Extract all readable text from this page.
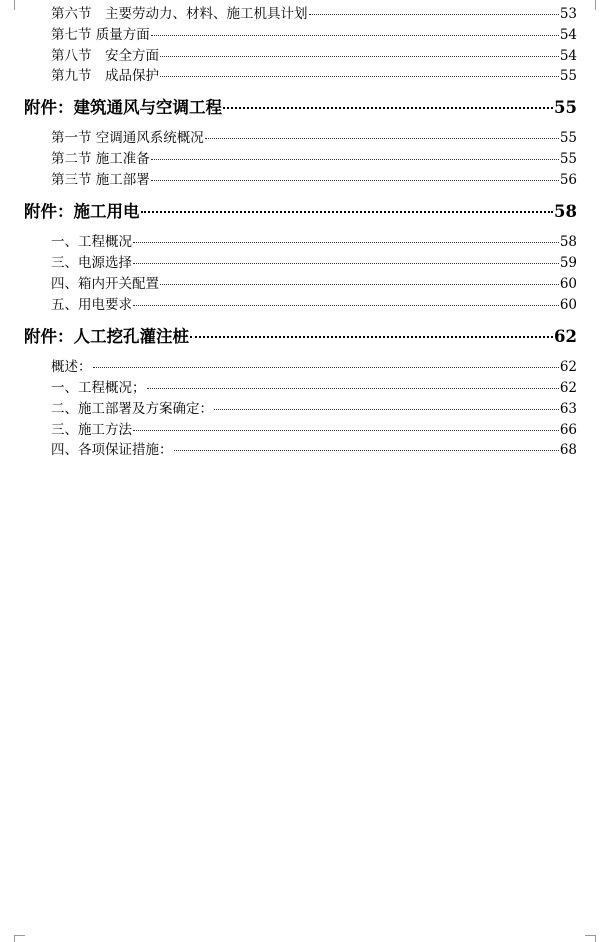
第六节　主要劳动力、材料、施工机具计划	53
第七节 质量方面	54
第八节　安全方面	54
第九节　成品保护	55
附件：建筑通风与空调工程	55
第一节 空调通风系统概况	55
第二节 施工准备	55
第三节 施工部署	56
附件：施工用电	58
一、工程概况	58
三、电源选择	59
四、箱内开关配置	60
五、用电要求	60
附件：人工挖孔灌注桩	62
概述：	62
一、工程概况；	62
二、施工部署及方案确定：	63
三、施工方法	66
四、各项保证措施：	68
